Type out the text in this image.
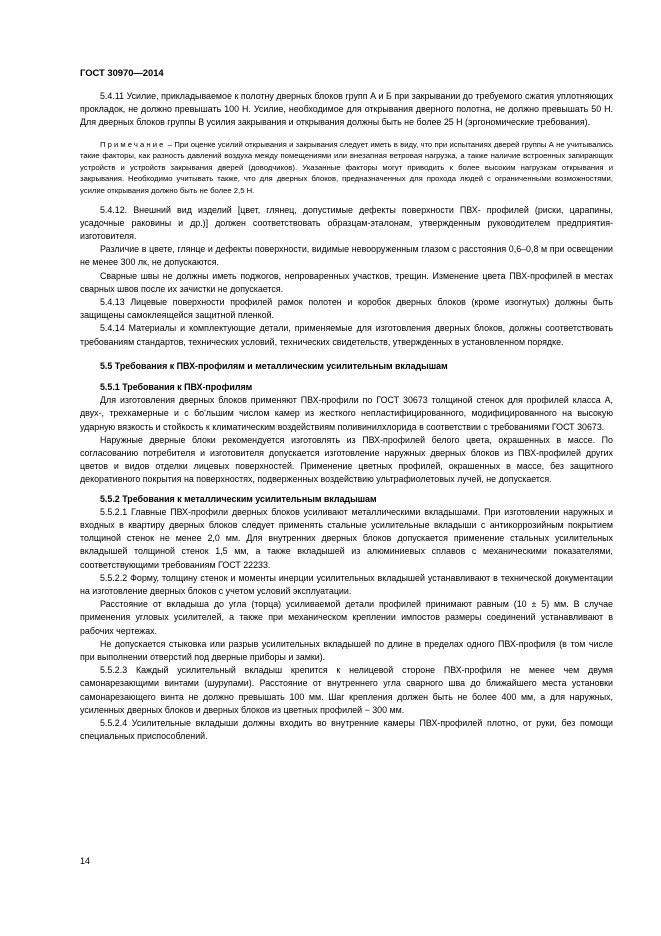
ГОСТ 30970—2014

5.4.11 Усилие, прикладываемое к полотну дверных блоков групп А и Б при закрывании до требуемого сжатия уплотняющих прокладок, не должно превышать 100 Н. Усилие, необходимое для открывания дверного полотна, не должно превышать 50 Н. Для дверных блоков группы В усилия закрывания и открывания должны быть не более 25 Н (эргономические требования).

Примечание – При оценке усилий открывания и закрывания следует иметь в виду, что при испытаниях дверей группы А не учитывались такие факторы, как разность давлений воздуха между помещениями или внезапная ветровая нагрузка, а также наличие встроенных запирающих устройств и устройств закрывания дверей (доводчиков). Указанные факторы могут приводить к более высоким нагрузкам открывания и закрывания. Необходимо учитывать также, что для дверных блоков, предназначенных для прохода людей с ограниченными возможностями, усилие открывания должно быть не более 2,5 Н.

5.4.12. Внешний вид изделий [цвет, глянец, допустимые дефекты поверхности ПВХ- профилей (риски, царапины, усадочные раковины и др.)] должен соответствовать образцам-эталонам, утвержденным руководителем предприятия-изготовителя.

Различие в цвете, глянце и дефекты поверхности, видимые невооруженным глазом с расстояния 0,6–0,8 м при освещении не менее 300 лк, не допускаются.

Сварные швы не должны иметь поджогов, непроваренных участков, трещин. Изменение цвета ПВХ-профилей в местах сварных швов после их зачистки не допускается.

5.4.13 Лицевые поверхности профилей рамок полотен и коробок дверных блоков (кроме изогнутых) должны быть защищены самоклеящейся защитной пленкой.

5.4.14 Материалы и комплектующие детали, применяемые для изготовления дверных блоков, должны соответствовать требованиям стандартов, технических условий, технических свидетельств, утвержденных в установленном порядке.

5.5 Требования к ПВХ-профилям и металлическим усилительным вкладышам
5.5.1 Требования к ПВХ-профилям

Для изготовления дверных блоков применяют ПВХ-профили по ГОСТ 30673 толщиной стенок для профилей класса А, двух-, трехкамерные и с бо'льшим числом камер из жесткого непластифицированного, модифицированного на высокую ударную вязкость и стойкость к климатическим воздействиям поливинилхлорида в соответствии с требованиями ГОСТ 30673.

Наружные дверные блоки рекомендуется изготовлять из ПВХ-профилей белого цвета, окрашенных в массе. По согласованию потребителя и изготовителя допускается изготовление наружных дверных блоков из ПВХ-профилей других цветов и видов отделки лицевых поверхностей. Применение цветных профилей, окрашенных в массе, без защитного декоративного покрытия на поверхностях, подверженных воздействию ультрафиолетовых лучей, не допускается.

5.5.2 Требования к металлическим усилительным вкладышам

5.5.2.1 Главные ПВХ-профили дверных блоков усиливают металлическими вкладышами. При изготовлении наружных и входных в квартиру дверных блоков следует применять стальные усилительные вкладыши с антикоррозийным покрытием толщиной стенок не менее 2,0 мм. Для внутренних дверных блоков допускается применение стальных усилительных вкладышей толщиной стенок 1,5 мм, а также вкладышей из алюминиевых сплавов с механическими показателями, соответствующими требованиям ГОСТ 22233.

5.5.2.2 Форму, толщину стенок и моменты инерции усилительных вкладышей устанавливают в технической документации на изготовление дверных блоков с учетом условий эксплуатации.

Расстояние от вкладыша до угла (торца) усиливаемой детали профилей принимают равным (10 ± 5) мм. В случае применения угловых усилителей, а также при механическом креплении импостов размеры соединений устанавливают в рабочих чертежах.

Не допускается стыковка или разрыв усилительных вкладышей по длине в пределах одного ПВХ-профиля (в том числе при выполнении отверстий под дверные приборы и замки).

5.5.2.3 Каждый усилительный вкладыш крепится к нелицевой стороне ПВХ-профиля не менее чем двумя самонарезающими винтами (шурупами). Расстояние от внутреннего угла сварного шва до ближайшего места установки самонарезающего винта не должно превышать 100 мм. Шаг крепления должен быть не более 400 мм, а для наружных, усиленных дверных блоков и дверных блоков из цветных профилей − 300 мм.

5.5.2.4 Усилительные вкладыши должны входить во внутренние камеры ПВХ-профилей плотно, от руки, без помощи специальных приспособлений.

14
